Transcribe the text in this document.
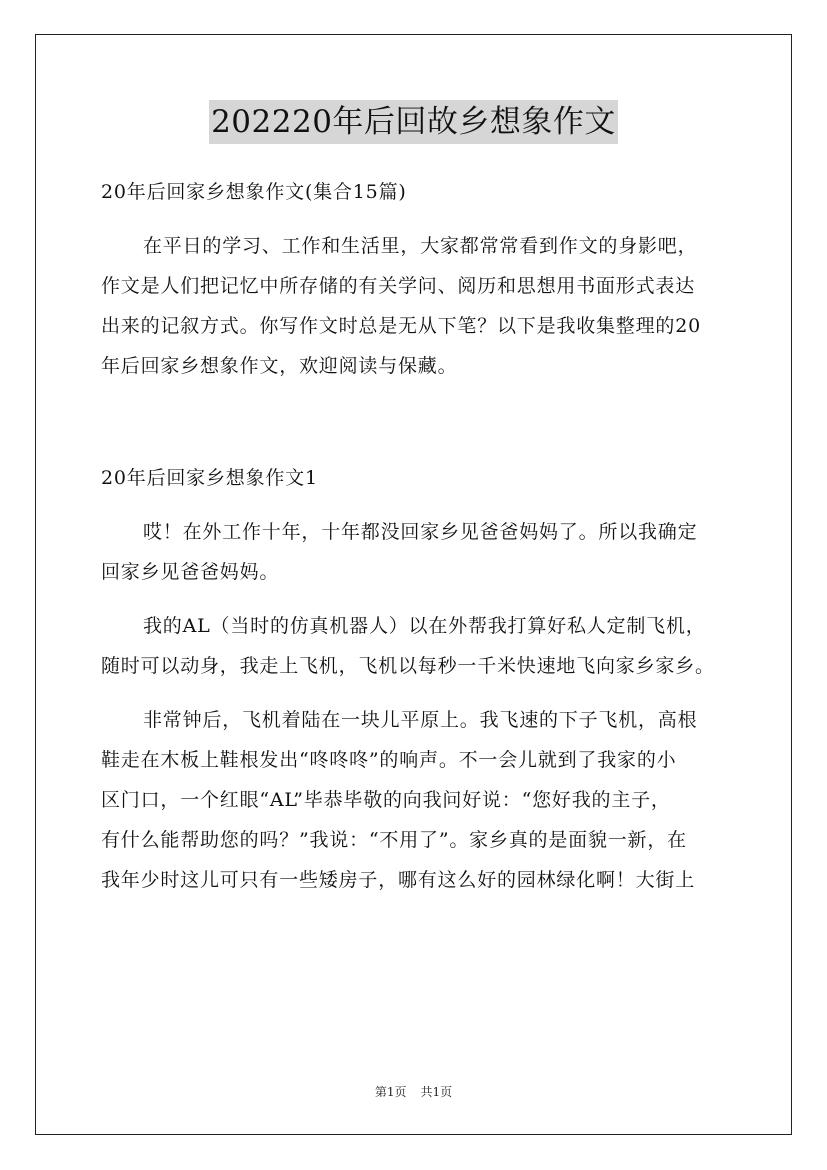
202220年后回故乡想象作文
20年后回家乡想象作文(集合15篇)
在平日的学习、工作和生活里，大家都常常看到作文的身影吧，
作文是人们把记忆中所存储的有关学问、阅历和思想用书面形式表达
出来的记叙方式。你写作文时总是无从下笔？以下是我收集整理的20
年后回家乡想象作文，欢迎阅读与保藏。
20年后回家乡想象作文1
哎！在外工作十年，十年都没回家乡见爸爸妈妈了。所以我确定
回家乡见爸爸妈妈。
我的AL（当时的仿真机器人）以在外帮我打算好私人定制飞机，
随时可以动身，我走上飞机，飞机以每秒一千米快速地飞向家乡家乡。
非常钟后，飞机着陆在一块儿平原上。我飞速的下子飞机，高根
鞋走在木板上鞋根发出“咚咚咚”的响声。不一会儿就到了我家的小
区门口，一个红眼“AL”毕恭毕敬的向我问好说：“您好我的主子，
有什么能帮助您的吗？”我说：“不用了”。家乡真的是面貌一新，在
我年少时这儿可只有一些矮房子，哪有这么好的园林绿化啊！大街上
第1页 共1页
